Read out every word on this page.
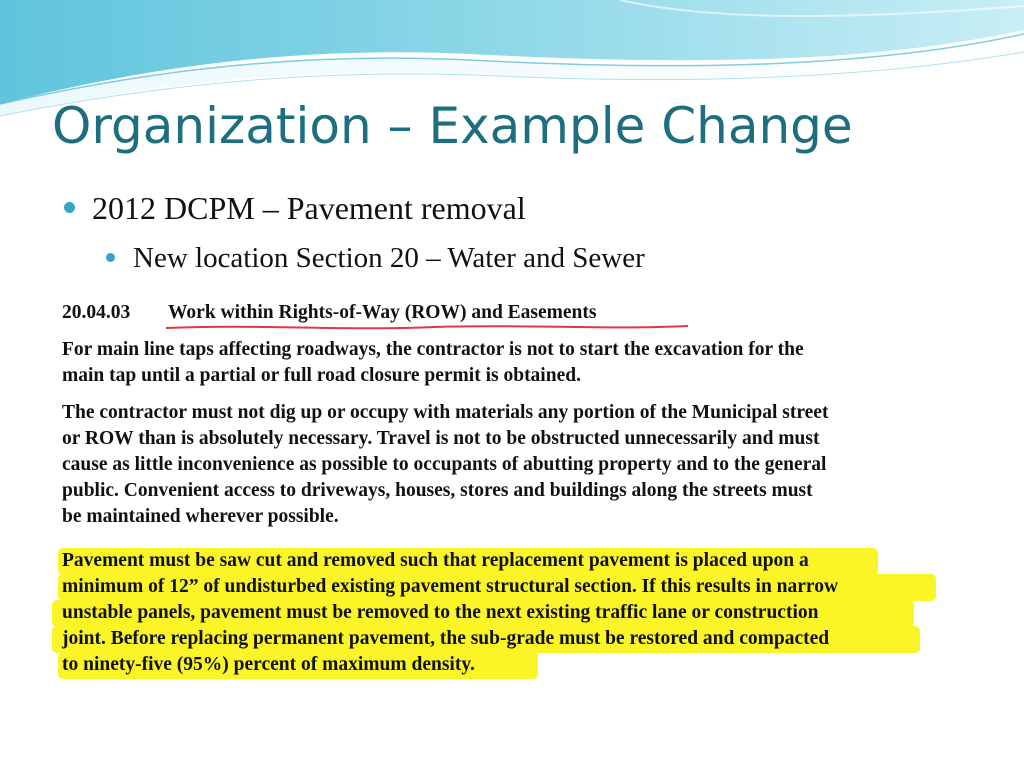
Organization – Example Change
2012 DCPM – Pavement removal
New location Section 20 – Water and Sewer
20.04.03 Work within Rights-of-Way (ROW) and Easements
For main line taps affecting roadways, the contractor is not to start the excavation for the
main tap until a partial or full road closure permit is obtained.
The contractor must not dig up or occupy with materials any portion of the Municipal street
or ROW than is absolutely necessary. Travel is not to be obstructed unnecessarily and must
cause as little inconvenience as possible to occupants of abutting property and to the general
public. Convenient access to driveways, houses, stores and buildings along the streets must
be maintained wherever possible.
Pavement must be saw cut and removed such that replacement pavement is placed upon a
minimum of 12” of undisturbed existing pavement structural section. If this results in narrow
unstable panels, pavement must be removed to the next existing traffic lane or construction
joint. Before replacing permanent pavement, the sub-grade must be restored and compacted
to ninety-five (95%) percent of maximum density.
